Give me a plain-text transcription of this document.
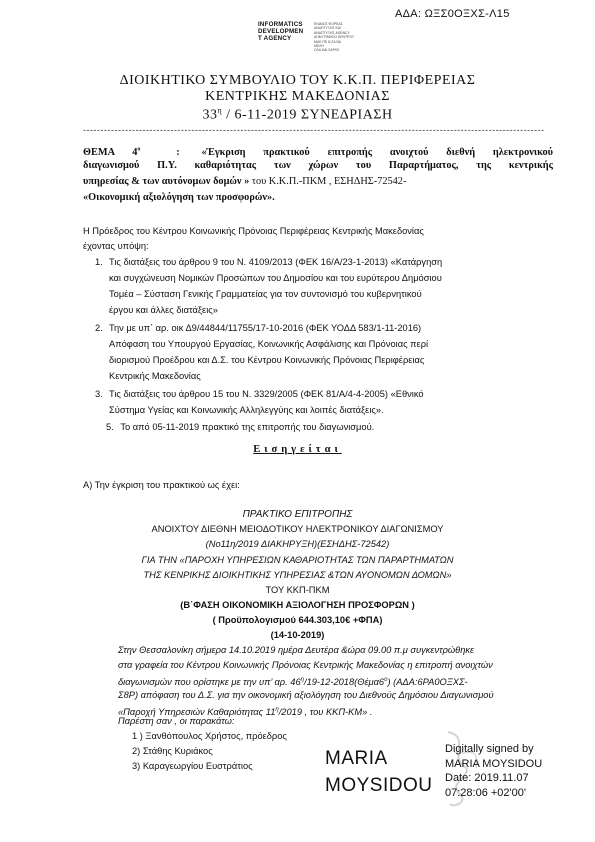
ΑΔΑ: ΩΞΣ0ΟΞΧΣ-Λ15
INFORMATICS
DEVELOPMEN
T AGENCY
ΕΝΙΑΙΟΣ ΦΟΡΕΑΣ
ΑΝΑΠΤΥΞΗΣ ΚΑΙ
ΑΝΑΠΤΥΞΗΣ AGENCY
ΔΗΜ ΓΡΑΦΕΙΟ ΚΕΝΤΡΟΥ
ΜΑΚ ΠΕ Ν ΣΑ ΒΑ
ΜΕΛΗ
ΟΛΑ ΚΑΙ ΣΑΡΗΣ
ΔΙΟΙΚΗΤΙΚΟ ΣΥΜΒΟΥΛΙΟ ΤΟΥ Κ.Κ.Π. ΠΕΡΙΦΕΡΕΙΑΣ
ΚΕΝΤΡΙΚΗΣ ΜΑΚΕΔΟΝΙΑΣ
$33^\eta / 6-11-2019$ ΣΥΝΕΔΡΙΑΣΗ
------------------------------------------------------------------------------------------------------------------------------------
ΘΕΜΑ $4^o$	: «Έγκριση πρακτικού επιτροπής ανοιχτού διεθνή ηλεκτρονικού
διαγωνισμού Π.Υ. καθαριότητας των χώρων του Παραρτήματος, της κεντρικής
υπηρεσίας & των αυτόνομων δομών » του Κ.Κ.Π.-ΠΚΜ , ΕΣΗΔΗΣ-72542-
«Οικονομική αξιολόγηση των προσφορών».
Η Πρόεδρος του Κέντρου Κοινωνικής Πρόνοιας Περιφέρειας Κεντρικής Μακεδονίας
έχοντας υπόψη:
1. Τις διατάξεις του άρθρου 9 του Ν. 4109/2013 (ΦΕΚ 16/Α/23-1-2013) «Κατάργηση
και συγχώνευση Νομικών Προσώπων του Δημοσίου και του ευρύτερου Δημόσιου
Τομέα – Σύσταση Γενικής Γραμματείας για τον συντονισμό του κυβερνητικού
έργου και άλλες διατάξεις»
2. Την με υπ΄ αρ. οικ Δ9/44844/11755/17-10-2016 (ΦΕΚ ΥΟΔΔ 583/1-11-2016)
Απόφαση του Υπουργού Εργασίας, Κοινωνικής Ασφάλισης και Πρόνοιας περί
διορισμού Προέδρου και Δ.Σ. του Κέντρου Κοινωνικής Πρόνοιας Περιφέρειας
Κεντρικής Μακεδονίας
3. Τις διατάξεις του άρθρου 15 του Ν. 3329/2005 (ΦΕΚ 81/Α/4-4-2005) «Εθνικό
Σύστημα Υγείας και Κοινωνικής Αλληλεγγύης και λοιπές διατάξεις».
5. Το από 05-11-2019 πρακτικό της επιτροπής του διαγωνισμού.
Εισηγείται
Α) Την έγκριση του πρακτικού ως έχει:
ΠΡΑΚΤΙΚΟ ΕΠΙΤΡΟΠΗΣ
ΑΝΟΙΧΤΟΥ ΔΙΕΘΝΗ ΜΕΙΟΔΟΤΙΚΟΥ ΗΛΕΚΤΡΟΝΙΚΟΥ ΔΙΑΓΩΝΙΣΜΟΥ
(Νο11η/2019 ΔΙΑΚΗΡΥΞΗ)(ΕΣΗΔΗΣ-72542)
ΓΙΑ ΤΗΝ «ΠΑΡΟΧΗ ΥΠΗΡΕΣΙΩΝ ΚΑΘΑΡΙΟΤΗΤΑΣ ΤΩΝ ΠΑΡΑΡΤΗΜΑΤΩΝ
ΤΗΣ ΚΕΝΡΙΚΗΣ ΔΙΟΙΚΗΤΙΚΗΣ ΥΠΗΡΕΣΙΑΣ &ΤΩΝ ΑΥΟΝΟΜΩΝ ΔΟΜΩΝ»
ΤΟΥ ΚΚΠ-ΠΚΜ
(Β΄ΦΑΣΗ ΟΙΚΟΝΟΜΙΚΗ ΑΞΙΟΛΟΓΗΣΗ ΠΡΟΣΦΟΡΩΝ )
( Προϋπολογισμού 644.303,10€ +ΦΠΑ)
(14-10-2019)
Στην Θεσσαλονίκη σήμερα 14.10.2019 ημέρα Δευτέρα &ώρα 09.00 π.μ συγκεντρώθηκε
στα γραφεία του Κέντρου Κοινωνικής Πρόνοιας Κεντρικής Μακεδονίας η επιτροπή ανοιχτών
διαγωνισμών που ορίστηκε με την υπ’ αρ. $46^\eta/19-12-2018(\Theta έ\mu\alpha 6^o)$ (ΑΔΑ:6ΡΑ0ΟΞΧΣ-
Σ8Ρ) απόφαση του Δ.Σ. για την οικονομική αξιολόγηση του Διεθνούς Δημόσιου Διαγωνισμού
«Παροχή Υπηρεσιών Καθαριότητας $11^\eta/2019$ , του ΚΚΠ-ΚΜ» .
Παρέστη σαν , οι παρακάτω:
1 ) Ξανθόπουλος Χρήστος, πρόεδρος
2) Στάθης Κυριάκος
3) Καραγεωργίου Ευστράτιος	MARIA
MOYSIDOU
Digitally signed by
MARIA MOYSIDOU
Date: 2019.11.07
07:28:06 +02'00'
